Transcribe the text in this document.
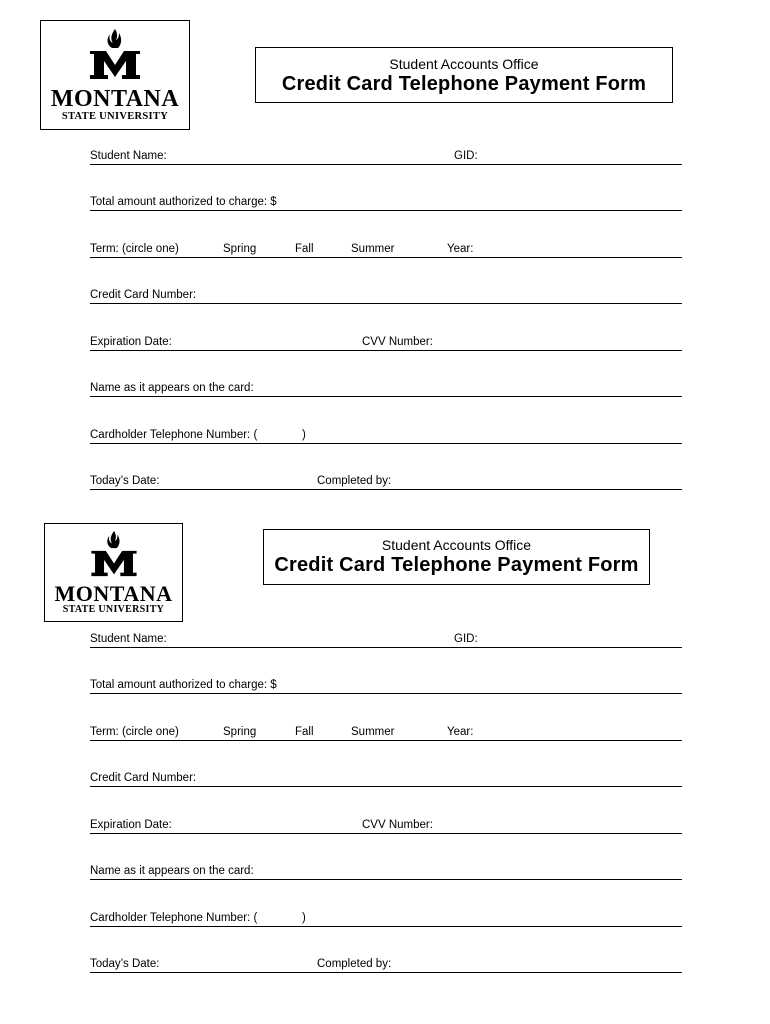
MONTANA
STATE UNIVERSITY
Student Accounts Office
Credit Card Telephone Payment Form
Student Name:	GID:
Total amount authorized to charge: $
Term: (circle one)	Spring	Fall	Summer	Year:
Credit Card Number:
Expiration Date:	CVV Number:
Name as it appears on the card:
Cardholder Telephone Number: (	)
Today’s Date:	Completed by:
MONTANA
STATE UNIVERSITY
Student Accounts Office
Credit Card Telephone Payment Form
Student Name:	GID:
Total amount authorized to charge: $
Term: (circle one)	Spring	Fall	Summer	Year:
Credit Card Number:
Expiration Date:	CVV Number:
Name as it appears on the card:
Cardholder Telephone Number: (	)
Today’s Date:	Completed by:
